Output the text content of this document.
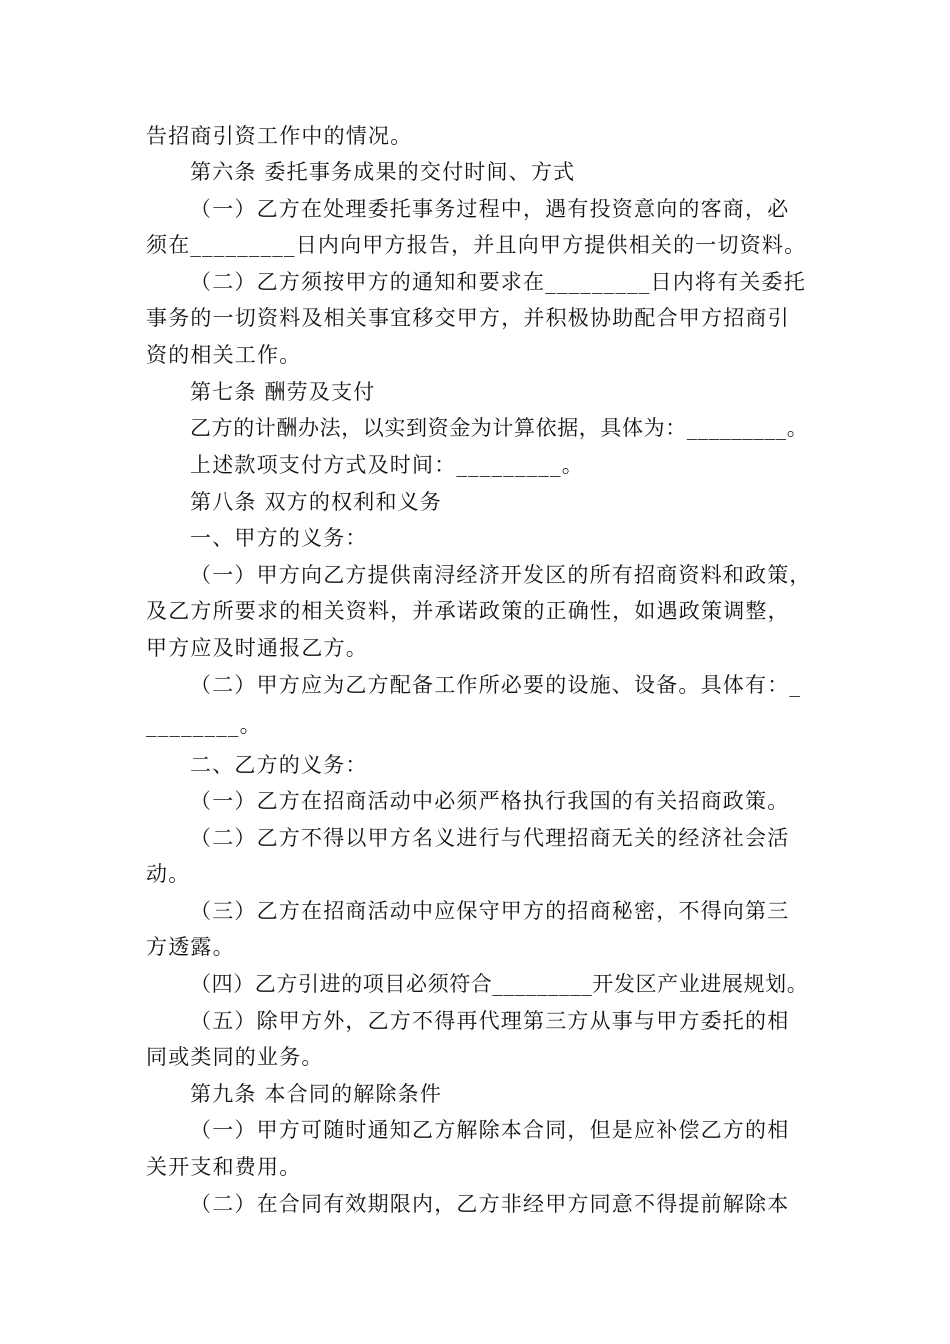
告招商引资工作中的情况。
第六条 委托事务成果的交付时间、方式
（一）乙方在处理委托事务过程中，遇有投资意向的客商，必
须在_________日内向甲方报告，并且向甲方提供相关的一切资料。
（二）乙方须按甲方的通知和要求在_________日内将有关委托
事务的一切资料及相关事宜移交甲方，并积极协助配合甲方招商引
资的相关工作。
第七条 酬劳及支付
乙方的计酬办法，以实到资金为计算依据，具体为：_________。
上述款项支付方式及时间：_________。
第八条 双方的权利和义务
一、甲方的义务：
（一）甲方向乙方提供南浔经济开发区的所有招商资料和政策，
及乙方所要求的相关资料，并承诺政策的正确性，如遇政策调整，
甲方应及时通报乙方。
（二）甲方应为乙方配备工作所必要的设施、设备。具体有：_
________。
二、乙方的义务：
（一）乙方在招商活动中必须严格执行我国的有关招商政策。
（二）乙方不得以甲方名义进行与代理招商无关的经济社会活
动。
（三）乙方在招商活动中应保守甲方的招商秘密，不得向第三
方透露。
（四）乙方引进的项目必须符合_________开发区产业进展规划。
（五）除甲方外，乙方不得再代理第三方从事与甲方委托的相
同或类同的业务。
第九条 本合同的解除条件
（一）甲方可随时通知乙方解除本合同，但是应补偿乙方的相
关开支和费用。
（二）在合同有效期限内，乙方非经甲方同意不得提前解除本
